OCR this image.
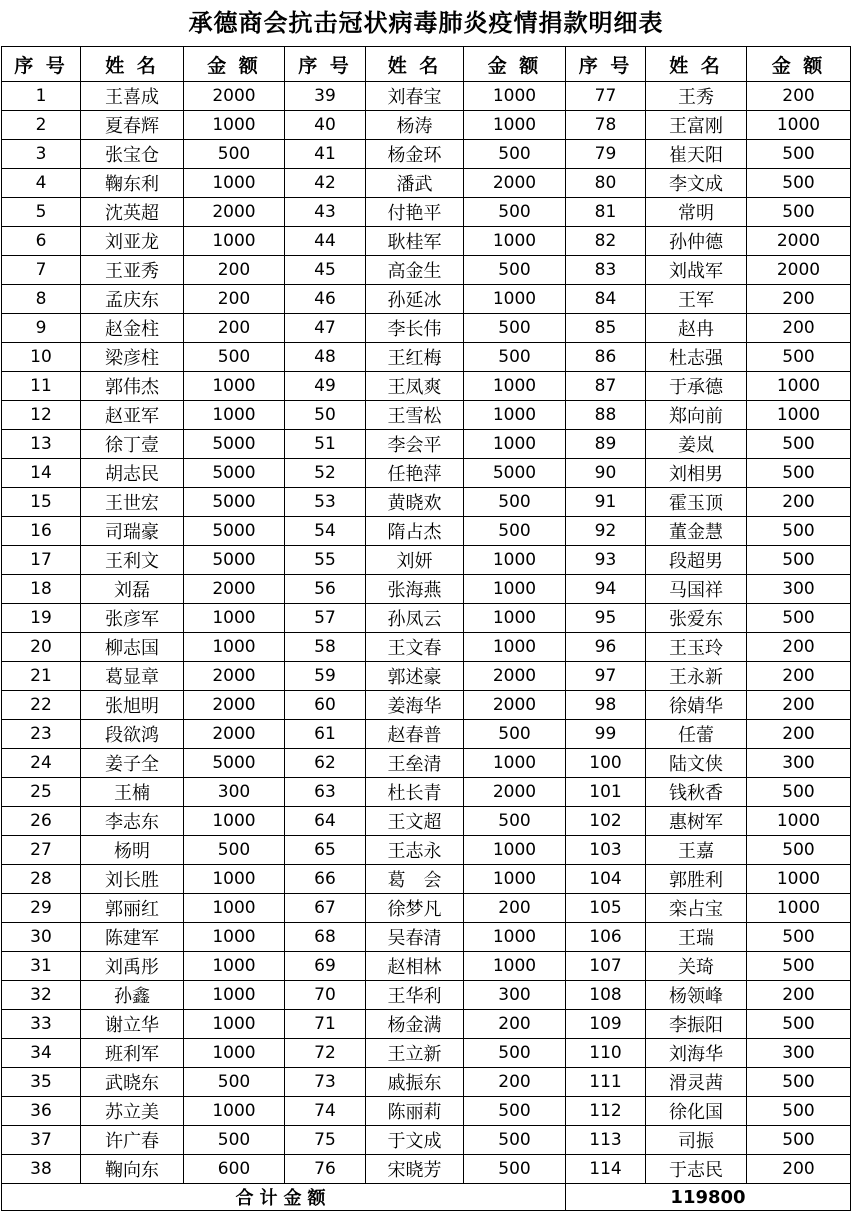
承德商会抗击冠状病毒肺炎疫情捐款明细表
序 号	姓 名	金 额	序 号	姓 名	金 额	序 号	姓 名	金 额
1	王喜成	2000	39	刘春宝	1000	77	王秀	200
2	夏春辉	1000	40	杨涛	1000	78	王富刚	1000
3	张宝仓	500	41	杨金环	500	79	崔天阳	500
4	鞠东利	1000	42	潘武	2000	80	李文成	500
5	沈英超	2000	43	付艳平	500	81	常明	500
6	刘亚龙	1000	44	耿桂军	1000	82	孙仲德	2000
7	王亚秀	200	45	高金生	500	83	刘战军	2000
8	孟庆东	200	46	孙延冰	1000	84	王军	200
9	赵金柱	200	47	李长伟	500	85	赵冉	200
10	梁彦柱	500	48	王红梅	500	86	杜志强	500
11	郭伟杰	1000	49	王凤爽	1000	87	于承德	1000
12	赵亚军	1000	50	王雪松	1000	88	郑向前	1000
13	徐丁壹	5000	51	李会平	1000	89	姜岚	500
14	胡志民	5000	52	任艳萍	5000	90	刘相男	500
15	王世宏	5000	53	黄晓欢	500	91	霍玉顶	200
16	司瑞豪	5000	54	隋占杰	500	92	董金慧	500
17	王利文	5000	55	刘妍	1000	93	段超男	500
18	刘磊	2000	56	张海燕	1000	94	马国祥	300
19	张彦军	1000	57	孙凤云	1000	95	张爱东	500
20	柳志国	1000	58	王文春	1000	96	王玉玲	200
21	葛显章	2000	59	郭述豪	2000	97	王永新	200
22	张旭明	2000	60	姜海华	2000	98	徐婧华	200
23	段欲鸿	2000	61	赵春普	500	99	任蕾	200
24	姜子全	5000	62	王垒清	1000	100	陆文侠	300
25	王楠	300	63	杜长青	2000	101	钱秋香	500
26	李志东	1000	64	王文超	500	102	惠树军	1000
27	杨明	500	65	王志永	1000	103	王嘉	500
28	刘长胜	1000	66	葛　会	1000	104	郭胜利	1000
29	郭丽红	1000	67	徐梦凡	200	105	栾占宝	1000
30	陈建军	1000	68	吴春清	1000	106	王瑞	500
31	刘禹彤	1000	69	赵相林	1000	107	关琦	500
32	孙鑫	1000	70	王华利	300	108	杨领峰	200
33	谢立华	1000	71	杨金满	200	109	李振阳	500
34	班利军	1000	72	王立新	500	110	刘海华	300
35	武晓东	500	73	戚振东	200	111	滑灵茜	500
36	苏立美	1000	74	陈丽莉	500	112	徐化国	500
37	许广春	500	75	于文成	500	113	司振	500
38	鞠向东	600	76	宋晓芳	500	114	于志民	200
合计金额						119800		
